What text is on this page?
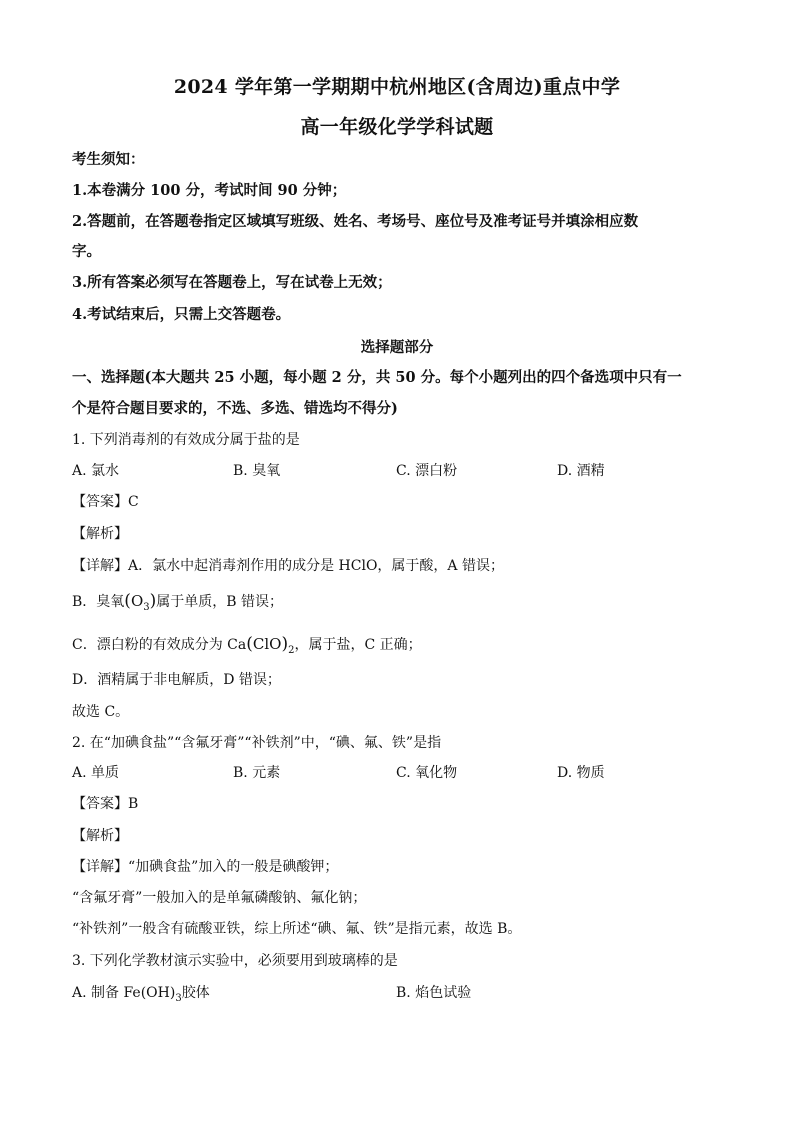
2024 学年第一学期期中杭州地区(含周边)重点中学
高一年级化学学科试题
考生须知：
1.本卷满分 100 分，考试时间 90 分钟；
2.答题前，在答题卷指定区域填写班级、姓名、考场号、座位号及准考证号并填涂相应数
字。
3.所有答案必须写在答题卷上，写在试卷上无效；
4.考试结束后，只需上交答题卷。
选择题部分
一、选择题(本大题共 25 小题，每小题 2 分，共 50 分。每个小题列出的四个备选项中只有一
个是符合题目要求的，不选、多选、错选均不得分)
1. 下列消毒剂的有效成分属于盐的是
A. 氯水	B. 臭氧	C. 漂白粉	D. 酒精
【答案】C
【解析】
【详解】A．氯水中起消毒剂作用的成分是 HClO，属于酸，A 错误；
B．臭氧$(O_3)$属于单质，B 错误；
C．漂白粉的有效成分为 $Ca(ClO)_2$，属于盐，C 正确；
D．酒精属于非电解质，D 错误；
故选 C。
2. 在“加碘食盐”“含氟牙膏”“补铁剂”中，“碘、氟、铁”是指
A. 单质	B. 元素	C. 氧化物	D. 物质
【答案】B
【解析】
【详解】“加碘食盐”加入的一般是碘酸钾；
“含氟牙膏”一般加入的是单氟磷酸钠、氟化钠；
“补铁剂”一般含有硫酸亚铁，综上所述“碘、氟、铁”是指元素，故选 B。
3. 下列化学教材演示实验中，必须要用到玻璃棒的是
A. 制备 $Fe(OH)_3$胶体	B. 焰色试验
